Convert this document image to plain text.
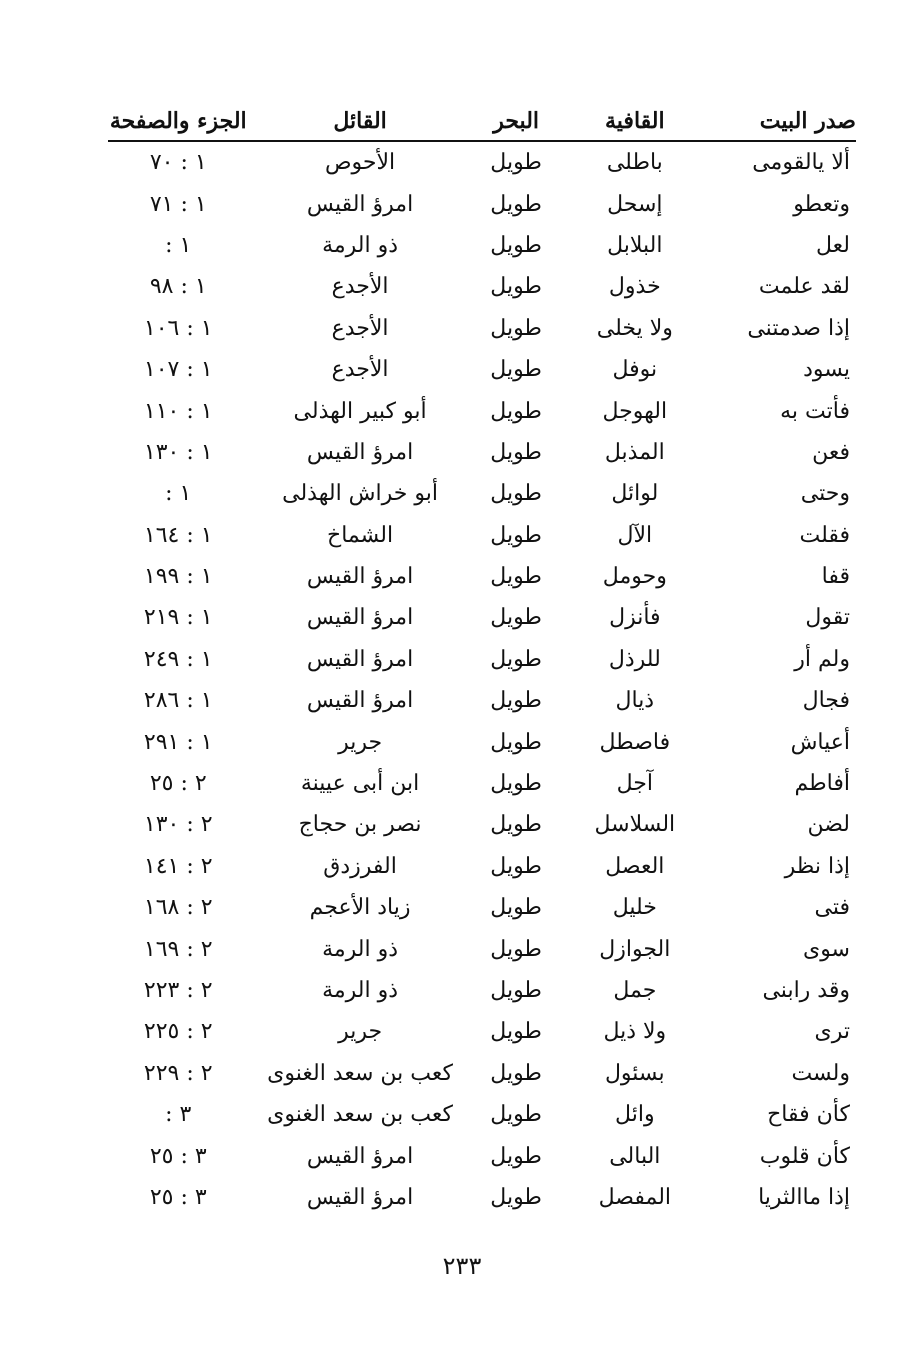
صدر البيت	القافية	البحر	القائل	الجزء والصفحة
ألا يالقومى	باطلى	طويل	الأحوص	١ : ٧٠
وتعطو	إسحل	طويل	امرؤ القيس	١ : ٧١
لعل	البلابل	طويل	ذو الرمة	١ :
لقد علمت	خذول	طويل	الأجدع	١ : ٩٨
إذا صدمتنى	ولا يخلى	طويل	الأجدع	١ : ١٠٦
يسود	نوفل	طويل	الأجدع	١ : ١٠٧
فأتت به	الهوجل	طويل	أبو كبير الهذلى	١ : ١١٠
فعن	المذبل	طويل	امرؤ القيس	١ : ١٣٠
وحتى	لوائل	طويل	أبو خراش الهذلى	١ :
فقلت	الآل	طويل	الشماخ	١ : ١٦٤
قفا	وحومل	طويل	امرؤ القيس	١ : ١٩٩
تقول	فأنزل	طويل	امرؤ القيس	١ : ٢١٩
ولم أر	للرذل	طويل	امرؤ القيس	١ : ٢٤٩
فجال	ذيال	طويل	امرؤ القيس	١ : ٢٨٦
أعياش	فاصطل	طويل	جرير	١ : ٢٩١
أفاطم	آجل	طويل	ابن أبى عيينة	٢ : ٢٥
لضن	السلاسل	طويل	نصر بن حجاج	٢ : ١٣٠
إذا نظر	العصل	طويل	الفرزدق	٢ : ١٤١
فتى	خليل	طويل	زياد الأعجم	٢ : ١٦٨
سوى	الجوازل	طويل	ذو الرمة	٢ : ١٦٩
وقد رابنى	جمل	طويل	ذو الرمة	٢ : ٢٢٣
ترى	ولا ذيل	طويل	جرير	٢ : ٢٢٥
ولست	بسئول	طويل	كعب بن سعد الغنوى	٢ : ٢٢٩
كأن فقاح	وائل	طويل	كعب بن سعد الغنوى	٣ :
كأن قلوب	البالى	طويل	امرؤ القيس	٣ : ٢٥
إذا ماالثريا	المفصل	طويل	امرؤ القيس	٣ : ٢٥
٢٣٣
